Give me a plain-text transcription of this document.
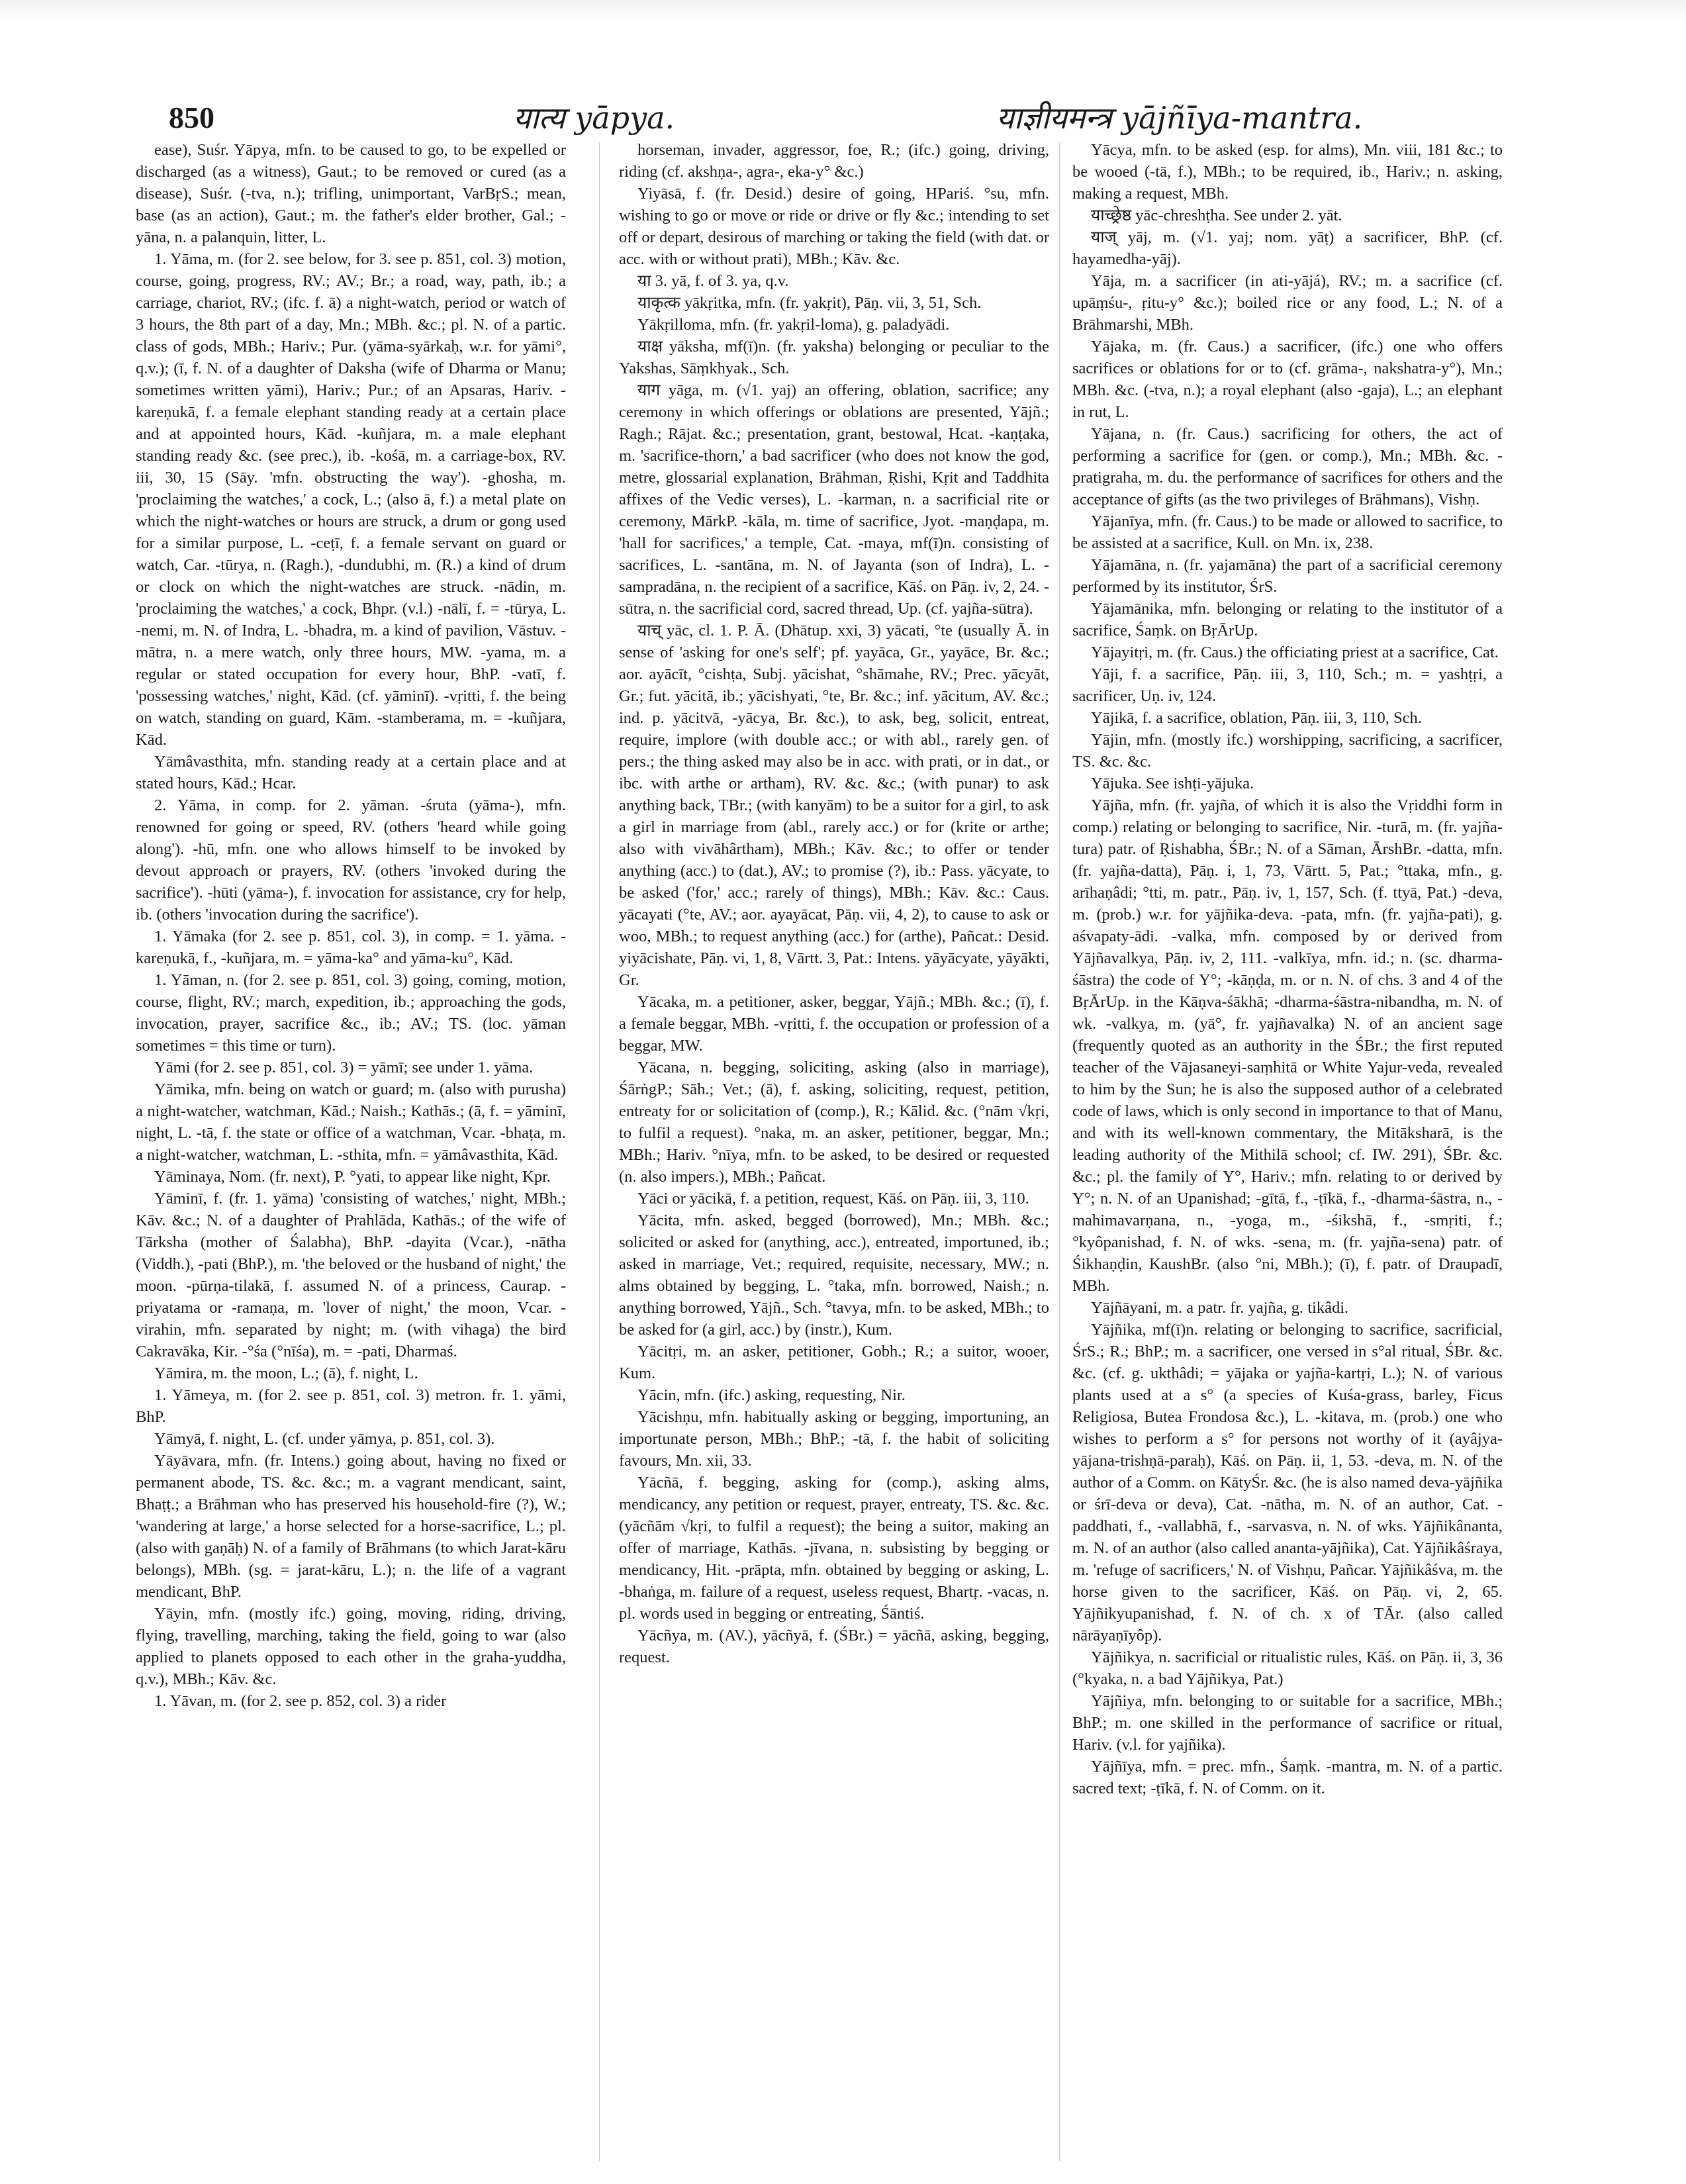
850	यात्य yāpya.	याज्ञीयमन्त्र yājñīya-mantra.

ease), Suśr. Yāpya, mfn. to be caused to go, to be expelled or discharged (as a witness), Gaut.; to be removed or cured (as a disease), Suśr. (-tva, n.); trifling, unimportant, VarBṛS.; mean, base (as an action), Gaut.; m. the father's elder brother, Gal.; -yāna, n. a palanquin, litter, L.

1. Yāma, m. (for 2. see below, for 3. see p. 851, col. 3) motion, course, going, progress, RV.; AV.; Br.; a road, way, path, ib.; a carriage, chariot, RV.; (ifc. f. ā) a night-watch, period or watch of 3 hours, the 8th part of a day, Mn.; MBh. &c.; pl. N. of a partic. class of gods, MBh.; Hariv.; Pur. (yāma-syārkaḥ, w.r. for yāmi°, q.v.); (ī, f. N. of a daughter of Daksha (wife of Dharma or Manu; sometimes written yāmi), Hariv.; Pur.; of an Apsaras, Hariv. -kareṇukā, f. a female elephant standing ready at a certain place and at appointed hours, Kād. -kuñjara, m. a male elephant standing ready &c. (see prec.), ib. -kośā, m. a carriage-box, RV. iii, 30, 15 (Sāy. 'mfn. obstructing the way'). -ghosha, m. 'proclaiming the watches,' a cock, L.; (also ā, f.) a metal plate on which the night-watches or hours are struck, a drum or gong used for a similar purpose, L. -ceṭī, f. a female servant on guard or watch, Car. -tūrya, n. (Ragh.), -dundubhi, m. (R.) a kind of drum or clock on which the night-watches are struck. -nādin, m. 'proclaiming the watches,' a cock, Bhpr. (v.l.) -nālī, f. = -tūrya, L. -nemi, m. N. of Indra, L. -bhadra, m. a kind of pavilion, Vāstuv. -mātra, n. a mere watch, only three hours, MW. -yama, m. a regular or stated occupation for every hour, BhP. -vatī, f. 'possessing watches,' night, Kād. (cf. yāminī). -vṛitti, f. the being on watch, standing on guard, Kām. -stamberama, m. = -kuñjara, Kād.

Yāmâvasthita, mfn. standing ready at a certain place and at stated hours, Kād.; Hcar.

2. Yāma, in comp. for 2. yāman. -śruta (yāma-), mfn. renowned for going or speed, RV. (others 'heard while going along'). -hū, mfn. one who allows himself to be invoked by devout approach or prayers, RV. (others 'invoked during the sacrifice'). -hūti (yāma-), f. invocation for assistance, cry for help, ib. (others 'invocation during the sacrifice').

1. Yāmaka (for 2. see p. 851, col. 3), in comp. = 1. yāma. -kareṇukā, f., -kuñjara, m. = yāma-ka° and yāma-ku°, Kād.

1. Yāman, n. (for 2. see p. 851, col. 3) going, coming, motion, course, flight, RV.; march, expedition, ib.; approaching the gods, invocation, prayer, sacrifice &c., ib.; AV.; TS. (loc. yāman sometimes = this time or turn).

Yāmi (for 2. see p. 851, col. 3) = yāmī; see under 1. yāma.

Yāmika, mfn. being on watch or guard; m. (also with purusha) a night-watcher, watchman, Kād.; Naish.; Kathās.; (ā, f. = yāminī, night, L. -tā, f. the state or office of a watchman, Vcar. -bhaṭa, m. a night-watcher, watchman, L. -sthita, mfn. = yāmâvasthita, Kād.

Yāminaya, Nom. (fr. next), P. °yati, to appear like night, Kpr.

Yāminī, f. (fr. 1. yāma) 'consisting of watches,' night, MBh.; Kāv. &c.; N. of a daughter of Prahlāda, Kathās.; of the wife of Tārksha (mother of Śalabha), BhP. -dayita (Vcar.), -nātha (Viddh.), -pati (BhP.), m. 'the beloved or the husband of night,' the moon. -pūrṇa-tilakā, f. assumed N. of a princess, Caurap. -priyatama or -ramaṇa, m. 'lover of night,' the moon, Vcar. -virahin, mfn. separated by night; m. (with vihaga) the bird Cakravāka, Kir. -°śa (°nīśa), m. = -pati, Dharmaś.

Yāmira, m. the moon, L.; (ā), f. night, L.

1. Yāmeya, m. (for 2. see p. 851, col. 3) metron. fr. 1. yāmi, BhP.

Yāmyā, f. night, L. (cf. under yāmya, p. 851, col. 3).

Yāyāvara, mfn. (fr. Intens.) going about, having no fixed or permanent abode, TS. &c. &c.; m. a vagrant mendicant, saint, Bhaṭṭ.; a Brāhman who has preserved his household-fire (?), W.; 'wandering at large,' a horse selected for a horse-sacrifice, L.; pl. (also with gaṇāḥ) N. of a family of Brāhmans (to which Jarat-kāru belongs), MBh. (sg. = jarat-kāru, L.); n. the life of a vagrant mendicant, BhP.

Yāyin, mfn. (mostly ifc.) going, moving, riding, driving, flying, travelling, marching, taking the field, going to war (also applied to planets opposed to each other in the graha-yuddha, q.v.), MBh.; Kāv. &c.

1. Yāvan, m. (for 2. see p. 852, col. 3) a rider

horseman, invader, aggressor, foe, R.; (ifc.) going, driving, riding (cf. akshṇa-, agra-, eka-y° &c.)

Yiyāsā, f. (fr. Desid.) desire of going, HPariś. °su, mfn. wishing to go or move or ride or drive or fly &c.; intending to set off or depart, desirous of marching or taking the field (with dat. or acc. with or without prati), MBh.; Kāv. &c.

या 3. yā, f. of 3. ya, q.v.

याकृत्क yākṛitka, mfn. (fr. yakṛit), Pāṇ. vii, 3, 51, Sch.

Yākṛilloma, mfn. (fr. yakṛil-loma), g. paladyādi.

याक्ष yāksha, mf(ī)n. (fr. yaksha) belonging or peculiar to the Yakshas, Sāṃkhyak., Sch.

याग yāga, m. (√1. yaj) an offering, oblation, sacrifice; any ceremony in which offerings or oblations are presented, Yājñ.; Ragh.; Rājat. &c.; presentation, grant, bestowal, Hcat. -kaṇṭaka, m. 'sacrifice-thorn,' a bad sacrificer (who does not know the god, metre, glossarial explanation, Brāhman, Ṛishi, Kṛit and Taddhita affixes of the Vedic verses), L. -karman, n. a sacrificial rite or ceremony, MārkP. -kāla, m. time of sacrifice, Jyot. -maṇḍapa, m. 'hall for sacrifices,' a temple, Cat. -maya, mf(ī)n. consisting of sacrifices, L. -santāna, m. N. of Jayanta (son of Indra), L. -sampradāna, n. the recipient of a sacrifice, Kāś. on Pāṇ. iv, 2, 24. -sūtra, n. the sacrificial cord, sacred thread, Up. (cf. yajña-sūtra).

याच् yāc, cl. 1. P. Ā. (Dhātup. xxi, 3) yācati, °te (usually Ā. in sense of 'asking for one's self'; pf. yayāca, Gr., yayāce, Br. &c.; aor. ayācīt, °cishṭa, Subj. yācishat, °shāmahe, RV.; Prec. yācyāt, Gr.; fut. yācitā, ib.; yācishyati, °te, Br. &c.; inf. yācitum, AV. &c.; ind. p. yācitvā, -yācya, Br. &c.), to ask, beg, solicit, entreat, require, implore (with double acc.; or with abl., rarely gen. of pers.; the thing asked may also be in acc. with prati, or in dat., or ibc. with arthe or artham), RV. &c. &c.; (with punar) to ask anything back, TBr.; (with kanyām) to be a suitor for a girl, to ask a girl in marriage from (abl., rarely acc.) or for (krite or arthe; also with vivāhârtham), MBh.; Kāv. &c.; to offer or tender anything (acc.) to (dat.), AV.; to promise (?), ib.: Pass. yācyate, to be asked ('for,' acc.; rarely of things), MBh.; Kāv. &c.: Caus. yācayati (°te, AV.; aor. ayayācat, Pāṇ. vii, 4, 2), to cause to ask or woo, MBh.; to request anything (acc.) for (arthe), Pañcat.: Desid. yiyācishate, Pāṇ. vi, 1, 8, Vārtt. 3, Pat.: Intens. yāyācyate, yāyākti, Gr.

Yācaka, m. a petitioner, asker, beggar, Yājñ.; MBh. &c.; (ī), f. a female beggar, MBh. -vṛitti, f. the occupation or profession of a beggar, MW.

Yācana, n. begging, soliciting, asking (also in marriage), ŚārṅgP.; Sāh.; Vet.; (ā), f. asking, soliciting, request, petition, entreaty for or solicitation of (comp.), R.; Kālid. &c. (°nām √kṛi, to fulfil a request). °naka, m. an asker, petitioner, beggar, Mn.; MBh.; Hariv. °nīya, mfn. to be asked, to be desired or requested (n. also impers.), MBh.; Pañcat.

Yāci or yācikā, f. a petition, request, Kāś. on Pāṇ. iii, 3, 110.

Yācita, mfn. asked, begged (borrowed), Mn.; MBh. &c.; solicited or asked for (anything, acc.), entreated, importuned, ib.; asked in marriage, Vet.; required, requisite, necessary, MW.; n. alms obtained by begging, L. °taka, mfn. borrowed, Naish.; n. anything borrowed, Yājñ., Sch. °tavya, mfn. to be asked, MBh.; to be asked for (a girl, acc.) by (instr.), Kum.

Yācitṛi, m. an asker, petitioner, Gobh.; R.; a suitor, wooer, Kum.

Yācin, mfn. (ifc.) asking, requesting, Nir.

Yācishṇu, mfn. habitually asking or begging, importuning, an importunate person, MBh.; BhP.; -tā, f. the habit of soliciting favours, Mn. xii, 33.

Yācñā, f. begging, asking for (comp.), asking alms, mendicancy, any petition or request, prayer, entreaty, TS. &c. &c. (yācñām √kṛi, to fulfil a request); the being a suitor, making an offer of marriage, Kathās. -jīvana, n. subsisting by begging or mendicancy, Hit. -prāpta, mfn. obtained by begging or asking, L. -bhaṅga, m. failure of a request, useless request, Bhartṛ. -vacas, n. pl. words used in begging or entreating, Śāntiś.

Yācñya, m. (AV.), yācñyā, f. (ŚBr.) = yācñā, asking, begging, request.

Yācya, mfn. to be asked (esp. for alms), Mn. viii, 181 &c.; to be wooed (-tā, f.), MBh.; to be required, ib., Hariv.; n. asking, making a request, MBh.

याच्छ्रेष्ठ yāc-chreshṭha. See under 2. yāt.

याज् yāj, m. (√1. yaj; nom. yāṭ) a sacrificer, BhP. (cf. hayamedha-yāj).

Yāja, m. a sacrificer (in ati-yājá), RV.; m. a sacrifice (cf. upāṃśu-, ṛitu-y° &c.); boiled rice or any food, L.; N. of a Brāhmarshi, MBh.

Yājaka, m. (fr. Caus.) a sacrificer, (ifc.) one who offers sacrifices or oblations for or to (cf. grāma-, nakshatra-y°), Mn.; MBh. &c. (-tva, n.); a royal elephant (also -gaja), L.; an elephant in rut, L.

Yājana, n. (fr. Caus.) sacrificing for others, the act of performing a sacrifice for (gen. or comp.), Mn.; MBh. &c. -pratigraha, m. du. the performance of sacrifices for others and the acceptance of gifts (as the two privileges of Brāhmans), Vishṇ.

Yājanīya, mfn. (fr. Caus.) to be made or allowed to sacrifice, to be assisted at a sacrifice, Kull. on Mn. ix, 238.

Yājamāna, n. (fr. yajamāna) the part of a sacrificial ceremony performed by its institutor, ŚrS.

Yājamānika, mfn. belonging or relating to the institutor of a sacrifice, Śaṃk. on BṛĀrUp.

Yājayitṛi, m. (fr. Caus.) the officiating priest at a sacrifice, Cat.

Yāji, f. a sacrifice, Pāṇ. iii, 3, 110, Sch.; m. = yashṭṛi, a sacrificer, Uṇ. iv, 124.

Yājikā, f. a sacrifice, oblation, Pāṇ. iii, 3, 110, Sch.

Yājin, mfn. (mostly ifc.) worshipping, sacrificing, a sacrificer, TS. &c. &c.

Yājuka. See ishṭi-yājuka.

Yājña, mfn. (fr. yajña, of which it is also the Vṛiddhi form in comp.) relating or belonging to sacrifice, Nir. -turā, m. (fr. yajña-tura) patr. of Ṛishabha, ŚBr.; N. of a Sāman, ĀrshBr. -datta, mfn. (fr. yajña-datta), Pāṇ. i, 1, 73, Vārtt. 5, Pat.; °ttaka, mfn., g. arīhaṇâdi; °tti, m. patr., Pāṇ. iv, 1, 157, Sch. (f. ttyā, Pat.) -deva, m. (prob.) w.r. for yājñika-deva. -pata, mfn. (fr. yajña-pati), g. aśvapaty-ādi. -valka, mfn. composed by or derived from Yājñavalkya, Pāṇ. iv, 2, 111. -valkīya, mfn. id.; n. (sc. dharma-śāstra) the code of Y°; -kāṇḍa, m. or n. N. of chs. 3 and 4 of the BṛĀrUp. in the Kāṇva-śākhā; -dharma-śāstra-nibandha, m. N. of wk. -valkya, m. (yā°, fr. yajñavalka) N. of an ancient sage (frequently quoted as an authority in the ŚBr.; the first reputed teacher of the Vājasaneyi-saṃhitā or White Yajur-veda, revealed to him by the Sun; he is also the supposed author of a celebrated code of laws, which is only second in importance to that of Manu, and with its well-known commentary, the Mitāksharā, is the leading authority of the Mithilā school; cf. IW. 291), ŚBr. &c. &c.; pl. the family of Y°, Hariv.; mfn. relating to or derived by Y°; n. N. of an Upanishad; -gītā, f., -ṭīkā, f., -dharma-śāstra, n., -mahimavarṇana, n., -yoga, m., -śikshā, f., -smṛiti, f.; °kyôpanishad, f. N. of wks. -sena, m. (fr. yajña-sena) patr. of Śikhaṇḍin, KaushBr. (also °ni, MBh.); (ī), f. patr. of Draupadī, MBh.

Yājñāyani, m. a patr. fr. yajña, g. tikâdi.

Yājñika, mf(ī)n. relating or belonging to sacrifice, sacrificial, ŚrS.; R.; BhP.; m. a sacrificer, one versed in s°al ritual, ŚBr. &c. &c. (cf. g. ukthâdi; = yājaka or yajña-kartṛi, L.); N. of various plants used at a s° (a species of Kuśa-grass, barley, Ficus Religiosa, Butea Frondosa &c.), L. -kitava, m. (prob.) one who wishes to perform a s° for persons not worthy of it (ayâjya-yājana-trishṇā-paraḥ), Kāś. on Pāṇ. ii, 1, 53. -deva, m. N. of the author of a Comm. on KātyŚr. &c. (he is also named deva-yājñika or śrī-deva or deva), Cat. -nātha, m. N. of an author, Cat. -paddhati, f., -vallabhā, f., -sarvasva, n. N. of wks. Yājñikânanta, m. N. of an author (also called ananta-yājñika), Cat. Yājñikâśraya, m. 'refuge of sacrificers,' N. of Vishṇu, Pañcar. Yājñikâśva, m. the horse given to the sacrificer, Kāś. on Pāṇ. vi, 2, 65. Yājñikyupanishad, f. N. of ch. x of TĀr. (also called nārāyaṇīyôp).

Yājñikya, n. sacrificial or ritualistic rules, Kāś. on Pāṇ. ii, 3, 36 (°kyaka, n. a bad Yājñikya, Pat.)

Yājñiya, mfn. belonging to or suitable for a sacrifice, MBh.; BhP.; m. one skilled in the performance of sacrifice or ritual, Hariv. (v.l. for yajñika).

Yājñīya, mfn. = prec. mfn., Śaṃk. -mantra, m. N. of a partic. sacred text; -ṭīkā, f. N. of Comm. on it.
